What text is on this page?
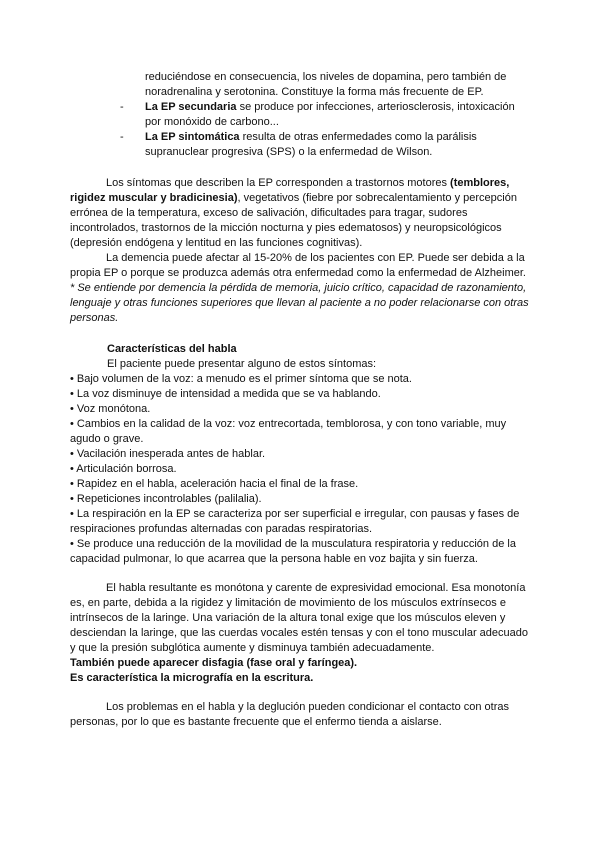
reduciéndose en consecuencia, los niveles de dopamina, pero también de noradrenalina y serotonina. Constituye la forma más frecuente de EP.

- La EP secundaria se produce por infecciones, arteriosclerosis, intoxicación por monóxido de carbono...
- La EP sintomática resulta de otras enfermedades como la parálisis supranuclear progresiva (SPS) o la enfermedad de Wilson.

Los síntomas que describen la EP corresponden a trastornos motores (temblores, rigidez muscular y bradicinesia), vegetativos (fiebre por sobrecalentamiento y percepción errónea de la temperatura, exceso de salivación, dificultades para tragar, sudores incontrolados, trastornos de la micción nocturna y pies edematosos) y neuropsicológicos (depresión endógena y lentitud en las funciones cognitivas).

La demencia puede afectar al 15-20% de los pacientes con EP. Puede ser debida a la propia EP o porque se produzca además otra enfermedad como la enfermedad de Alzheimer.

* Se entiende por demencia la pérdida de memoria, juicio crítico, capacidad de razonamiento, lenguaje y otras funciones superiores que llevan al paciente a no poder relacionarse con otras personas.

Características del habla

El paciente puede presentar alguno de estos síntomas:

• Bajo volumen de la voz: a menudo es el primer síntoma que se nota.

• La voz disminuye de intensidad a medida que se va hablando.

• Voz monótona.

• Cambios en la calidad de la voz: voz entrecortada, temblorosa, y con tono variable, muy agudo o grave.

• Vacilación inesperada antes de hablar.

• Articulación borrosa.

• Rapidez en el habla, aceleración hacia el final de la frase.

• Repeticiones incontrolables (palilalia).

• La respiración en la EP se caracteriza por ser superficial e irregular, con pausas y fases de respiraciones profundas alternadas con paradas respiratorias.

• Se produce una reducción de la movilidad de la musculatura respiratoria y reducción de la capacidad pulmonar, lo que acarrea que la persona hable en voz bajita y sin fuerza.

El habla resultante es monótona y carente de expresividad emocional. Esa monotonía es, en parte, debida a la rigidez y limitación de movimiento de los músculos extrínsecos e intrínsecos de la laringe. Una variación de la altura tonal exige que los músculos eleven y desciendan la laringe, que las cuerdas vocales estén tensas y con el tono muscular adecuado y que la presión subglótica aumente y disminuya también adecuadamente.

También puede aparecer disfagia (fase oral y faríngea).

Es característica la micrografía en la escritura.

Los problemas en el habla y la deglución pueden condicionar el contacto con otras personas, por lo que es bastante frecuente que el enfermo tienda a aislarse.
